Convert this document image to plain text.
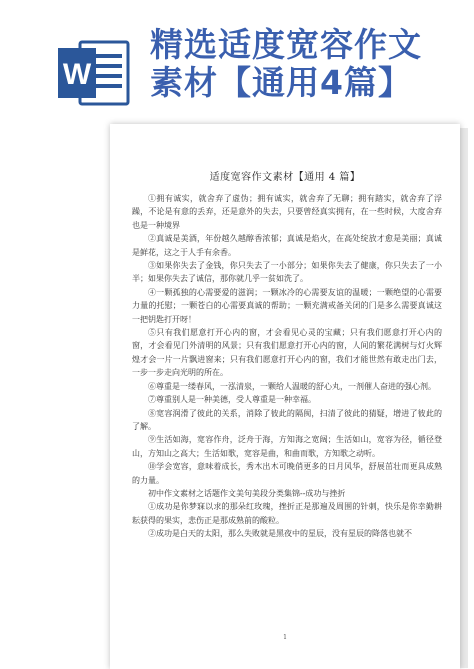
W
精选适度宽容作文
素材【通用4篇】
适度宽容作文素材【通用 4 篇】

①拥有诚实，就舍弃了虚伪；拥有诚实，就舍弃了无聊；拥有踏实，就舍弃了浮躁，不论是有意的丢弃，还是意外的失去，只要曾经真实拥有，在一些时候，大度舍弃也是一种境界

②真诚是美酒，年份越久越醇香浓郁；真诚是焰火，在高处绽放才愈是美丽；真诚是鲜花，这之于人手有余香。

③如果你失去了金钱，你只失去了一小部分；如果你失去了健康，你只失去了一小半；如果你失去了诚信，那你就几乎一贫如洗了。

④一颗孤独的心需要爱的滋润；一颗冰冷的心需要友谊的温暖；一颗绝望的心需要力量的托慰；一颗苍白的心需要真诚的帮助；一颗充满戒备关闭的门是多么需要真诚这一把钥匙打开呀！

⑤只有我们愿意打开心内的窗，才会看见心灵的宝藏；只有我们愿意打开心内的窗，才会看见门外清明的风景；只有我们愿意打开心内的窗，人间的繁花满树与灯火辉煌才会一片一片飘进窗来；只有我们愿意打开心内的窗，我们才能世然有敢走出门去，一步一步走向光明的所在。

⑥尊重是一缕春风，一泓清泉，一颗给人温暖的舒心丸，一剂催人奋进的强心剂。

⑦尊重别人是一种美德，受人尊重是一种幸福。

⑧宽容润滑了彼此的关系，消除了彼此的隔阂，扫清了彼此的猜疑，增进了彼此的了解。

⑨生活如海，宽容作舟，泛舟于海，方知海之宽阔；生活如山，宽容为径，循径登山，方知山之高大；生活如歌，宽容是曲，和曲而歌，方知歌之动听。

⑩学会宽容，意味着成长，秀木出木可晚俏更多的日月风华，舒展茁壮而更具成熟的力量。

初中作文素材之话题作文美句美段分类集锦--成功与挫折

①成功是你梦寐以求的那朵红玫瑰，挫折正是那遍及周围的针刺，快乐是你幸勤耕耘获得的果实，悲伤正是那成熟前的酸粒。

②成功是白天的太阳，那么失败就是黑夜中的星辰，没有星辰的降落也就不

1
